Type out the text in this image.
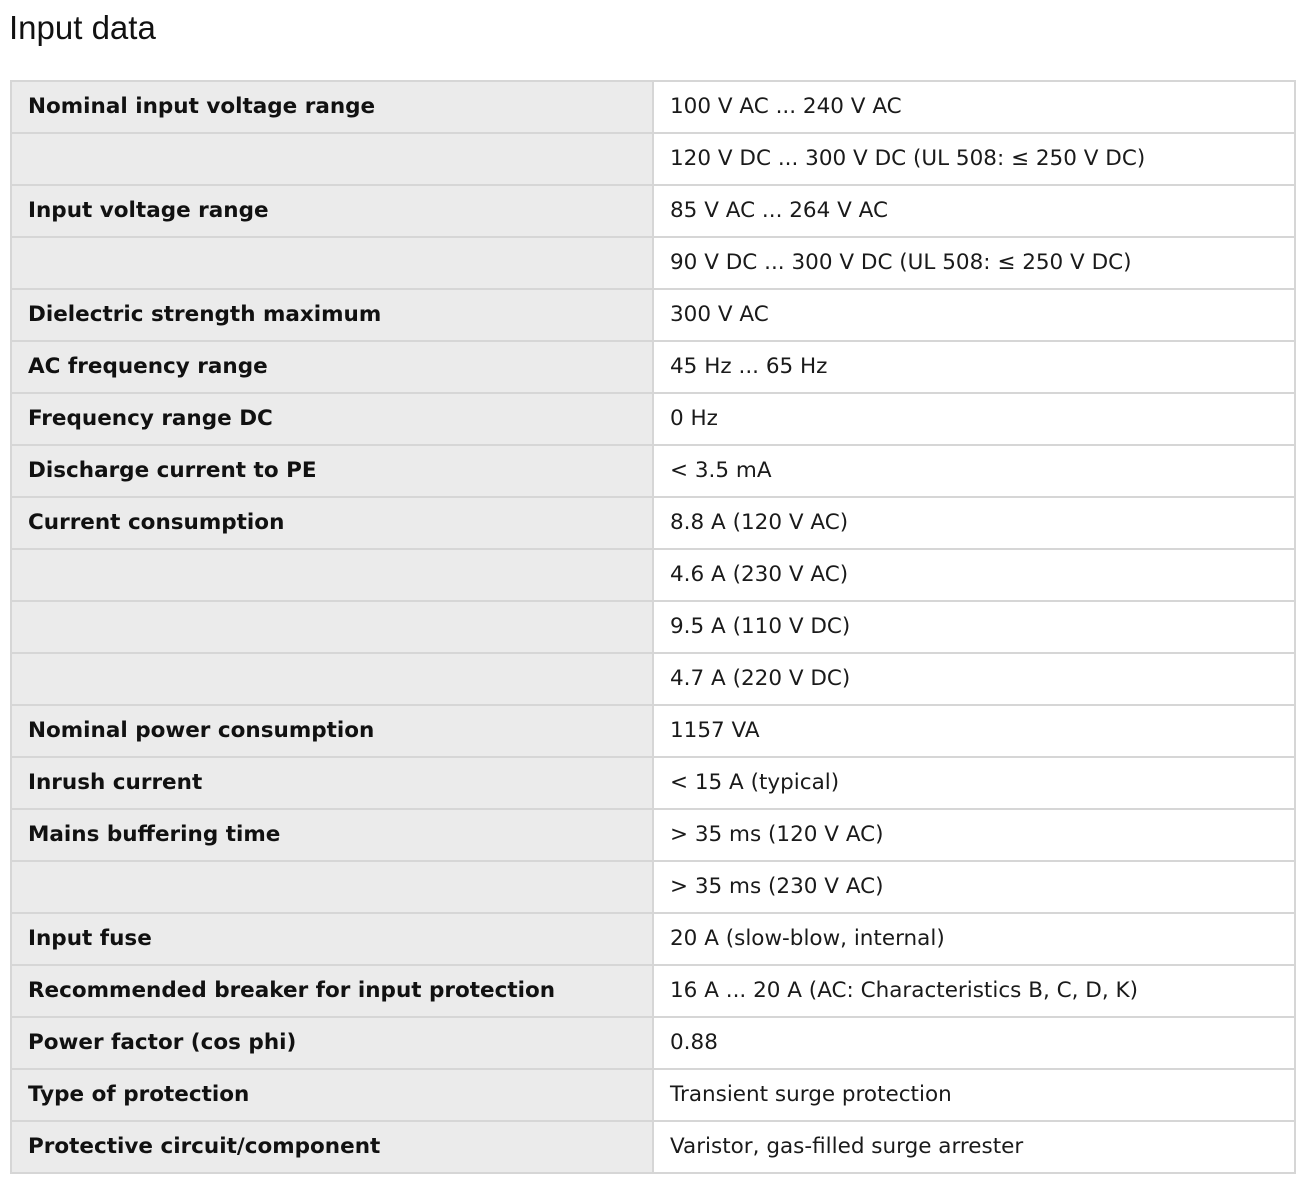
Input data
Nominal input voltage range	100 V AC ... 240 V AC
	120 V DC ... 300 V DC (UL 508: ≤ 250 V DC)
Input voltage range	85 V AC ... 264 V AC
	90 V DC ... 300 V DC (UL 508: ≤ 250 V DC)
Dielectric strength maximum	300 V AC
AC frequency range	45 Hz ... 65 Hz
Frequency range DC	0 Hz
Discharge current to PE	< 3.5 mA
Current consumption	8.8 A (120 V AC)
	4.6 A (230 V AC)
	9.5 A (110 V DC)
	4.7 A (220 V DC)
Nominal power consumption	1157 VA
Inrush current	< 15 A (typical)
Mains buffering time	> 35 ms (120 V AC)
	> 35 ms (230 V AC)
Input fuse	20 A (slow-blow, internal)
Recommended breaker for input protection	16 A ... 20 A (AC: Characteristics B, C, D, K)
Power factor (cos phi)	0.88
Type of protection	Transient surge protection
Protective circuit/component	Varistor, gas-filled surge arrester
